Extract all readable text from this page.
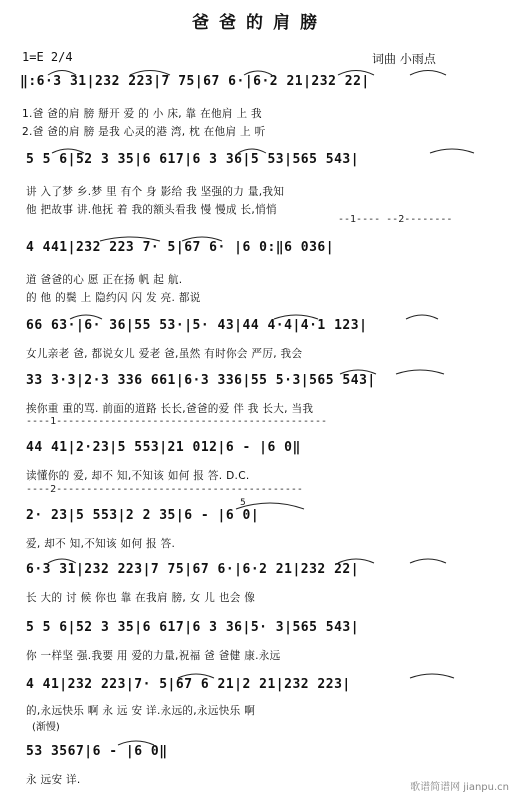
爸爸的肩膀
1=E 2/4	词曲 小雨点
‖:6·3 31|232 223|7 75|67 6·|6·2 21|232 22|
1.爸 爸的肩 膀 掰开 爱 的 小 床, 靠 在他肩 上 我
2.爸 爸的肩 膀 是我 心灵的港 湾, 枕 在他肩 上 听
5 5 6|52 3 35|6 617|6 3 36|5 53|565 543|
讲 入了梦 乡.梦 里 有个 身 影给 我 坚强的力 量,我知
他 把故事 讲.他抚 着 我的额头看我 慢 慢成 长,悄悄
--1---- --2--------
4 441|232 223 7· 5|67 6· |6 0:‖6 036|
道 爸爸的心 愿 正在扬 帆 起 航.
的 他 的鬓 上 隐约闪 闪 发 亮. 都说
66 63·|6· 36|55 53·|5· 43|44 4·4|4·1 123|
女儿亲老 爸, 都说女儿 爱老 爸,虽然 有时你会 严厉, 我会
33 3·3|2·3 336 661|6·3 336|55 5·3|565 543|
挨你重 重的骂. 前面的道路 长长,爸爸的爱 伴 我 长大, 当我
----1---------------------------------------------
44 41|2·23|5 553|21 012|6 - |6 0‖
读懂你的 爱, 却不 知,不知该 如何 报 答. D.C.
----2-----------------------------------------
5
2· 23|5 553|2 2 35|6 - |6 0|
爱, 却不 知,不知该 如何 报 答.
6·3 31|232 223|7 75|67 6·|6·2 21|232 22|
长 大的 讨 候 你也 靠 在我肩 膀, 女 儿 也会 像
5 5 6|52 3 35|6 617|6 3 36|5· 3|565 543|
你 一样坚 强.我要 用 爱的力量,祝福 爸 爸健 康.永远
4 41|232 223|7· 5|67 6 21|2 21|232 223|
的,永远快乐 啊 永 远 安 详.永远的,永远快乐 啊
(渐慢)
53 3567|6 - |6 0‖
永 远安 详.
歌谱简谱网 jianpu.cn
